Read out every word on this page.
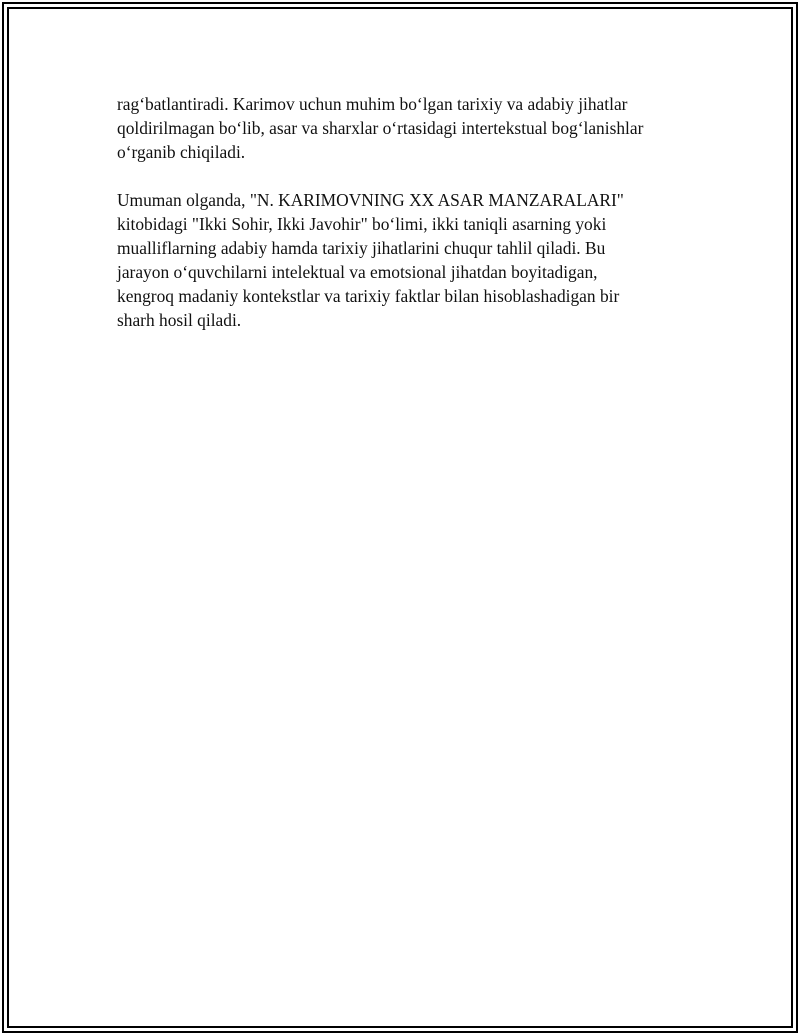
rag‘batlantiradi. Karimov uchun muhim bo‘lgan tarixiy va adabiy jihatlar

qoldirilmagan bo‘lib, asar va sharxlar o‘rtasidagi intertekstual bog‘lanishlar

o‘rganib chiqiladi.

Umuman olganda, "N. KARIMOVNING XX ASAR MANZARALARI"

kitobidagi "Ikki Sohir, Ikki Javohir" bo‘limi, ikki taniqli asarning yoki

mualliflarning adabiy hamda tarixiy jihatlarini chuqur tahlil qiladi. Bu

jarayon o‘quvchilarni intelektual va emotsional jihatdan boyitadigan,

kengroq madaniy kontekstlar va tarixiy faktlar bilan hisoblashadigan bir

sharh hosil qiladi.
